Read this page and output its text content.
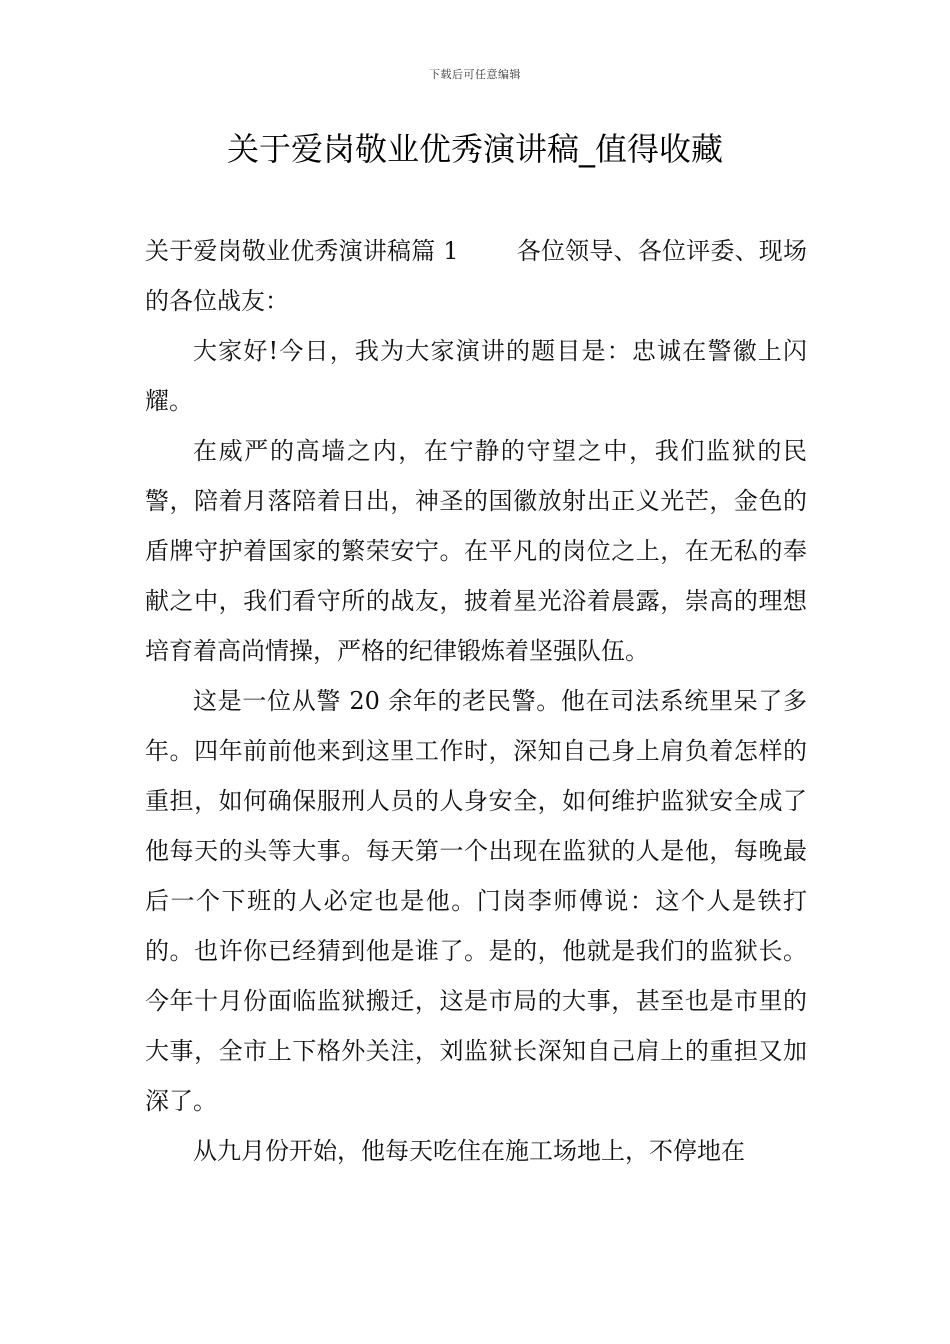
下载后可任意编辑
关于爱岗敬业优秀演讲稿_值得收藏

关于爱岗敬业优秀演讲稿篇 1 各位领导、各位评委、现场的各位战友：

大家好!今日，我为大家演讲的题目是：忠诚在警徽上闪耀。

在威严的高墙之内，在宁静的守望之中，我们监狱的民警，陪着月落陪着日出，神圣的国徽放射出正义光芒，金色的盾牌守护着国家的繁荣安宁。在平凡的岗位之上，在无私的奉献之中，我们看守所的战友，披着星光浴着晨露，崇高的理想培育着高尚情操，严格的纪律锻炼着坚强队伍。

这是一位从警 20 余年的老民警。他在司法系统里呆了多年。四年前前他来到这里工作时，深知自己身上肩负着怎样的重担，如何确保服刑人员的人身安全，如何维护监狱安全成了他每天的头等大事。每天第一个出现在监狱的人是他，每晚最后一个下班的人必定也是他。门岗李师傅说：这个人是铁打的。也许你已经猜到他是谁了。是的，他就是我们的监狱长。今年十月份面临监狱搬迁，这是市局的大事，甚至也是市里的大事，全市上下格外关注，刘监狱长深知自己肩上的重担又加深了。

从九月份开始，他每天吃住在施工场地上，不停地在
